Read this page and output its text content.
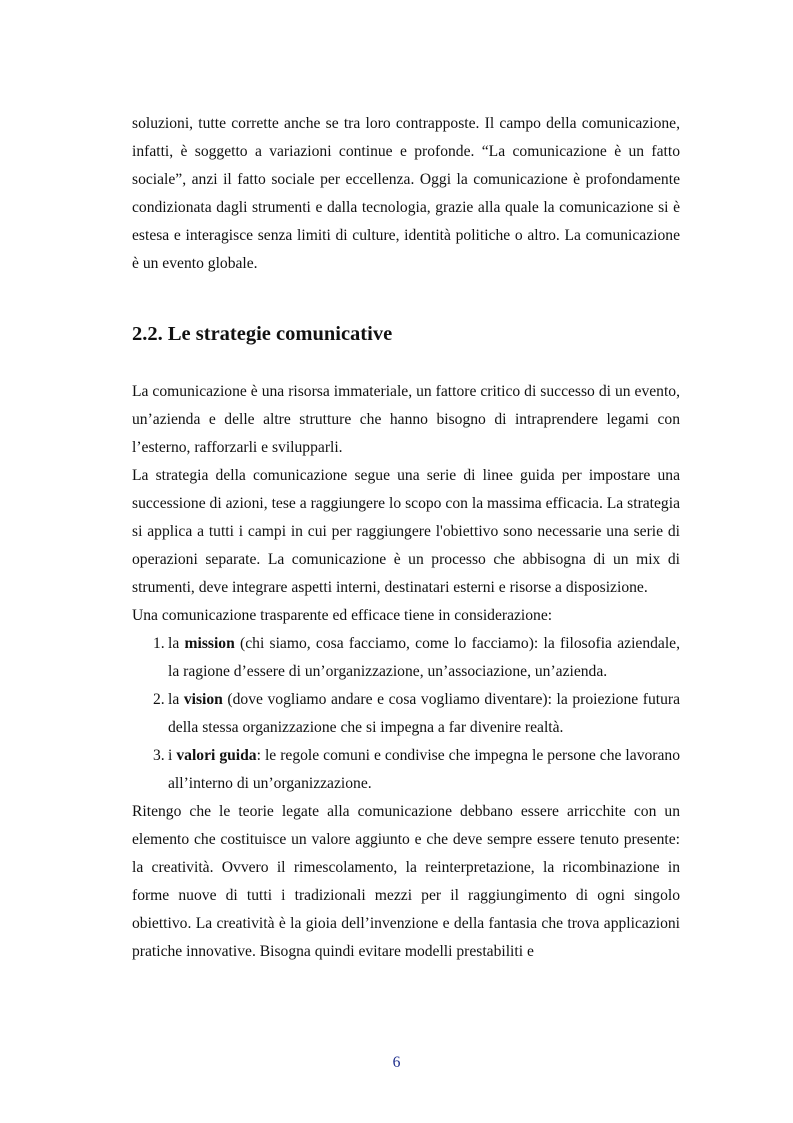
soluzioni, tutte corrette anche se tra loro contrapposte. Il campo della comunicazione, infatti, è soggetto a variazioni continue e profonde. “La comunicazione è un fatto sociale”, anzi il fatto sociale per eccellenza. Oggi la comunicazione è profondamente condizionata dagli strumenti e dalla tecnologia, grazie alla quale la comunicazione si è estesa e interagisce senza limiti di culture, identità politiche o altro. La comunicazione è un evento globale.

2.2. Le strategie comunicative

La comunicazione è una risorsa immateriale, un fattore critico di successo di un evento, un’azienda e delle altre strutture che hanno bisogno di intraprendere legami con l’esterno, rafforzarli e svilupparli.

La strategia della comunicazione segue una serie di linee guida per impostare una successione di azioni, tese a raggiungere lo scopo con la massima efficacia. La strategia si applica a tutti i campi in cui per raggiungere l'obiettivo sono necessarie una serie di operazioni separate. La comunicazione è un processo che abbisogna di un mix di strumenti, deve integrare aspetti interni, destinatari esterni e risorse a disposizione.

Una comunicazione trasparente ed efficace tiene in considerazione:

1. la mission (chi siamo, cosa facciamo, come lo facciamo): la filosofia aziendale, la ragione d’essere di un’organizzazione, un’associazione, un’azienda.
2. la vision (dove vogliamo andare e cosa vogliamo diventare): la proiezione futura della stessa organizzazione che si impegna a far divenire realtà.
3. i valori guida: le regole comuni e condivise che impegna le persone che lavorano all’interno di un’organizzazione.

Ritengo che le teorie legate alla comunicazione debbano essere arricchite con un elemento che costituisce un valore aggiunto e che deve sempre essere tenuto presente: la creatività. Ovvero il rimescolamento, la reinterpretazione, la ricombinazione in forme nuove di tutti i tradizionali mezzi per il raggiungimento di ogni singolo obiettivo. La creatività è la gioia dell’invenzione e della fantasia che trova applicazioni pratiche innovative. Bisogna quindi evitare modelli prestabiliti e

6
